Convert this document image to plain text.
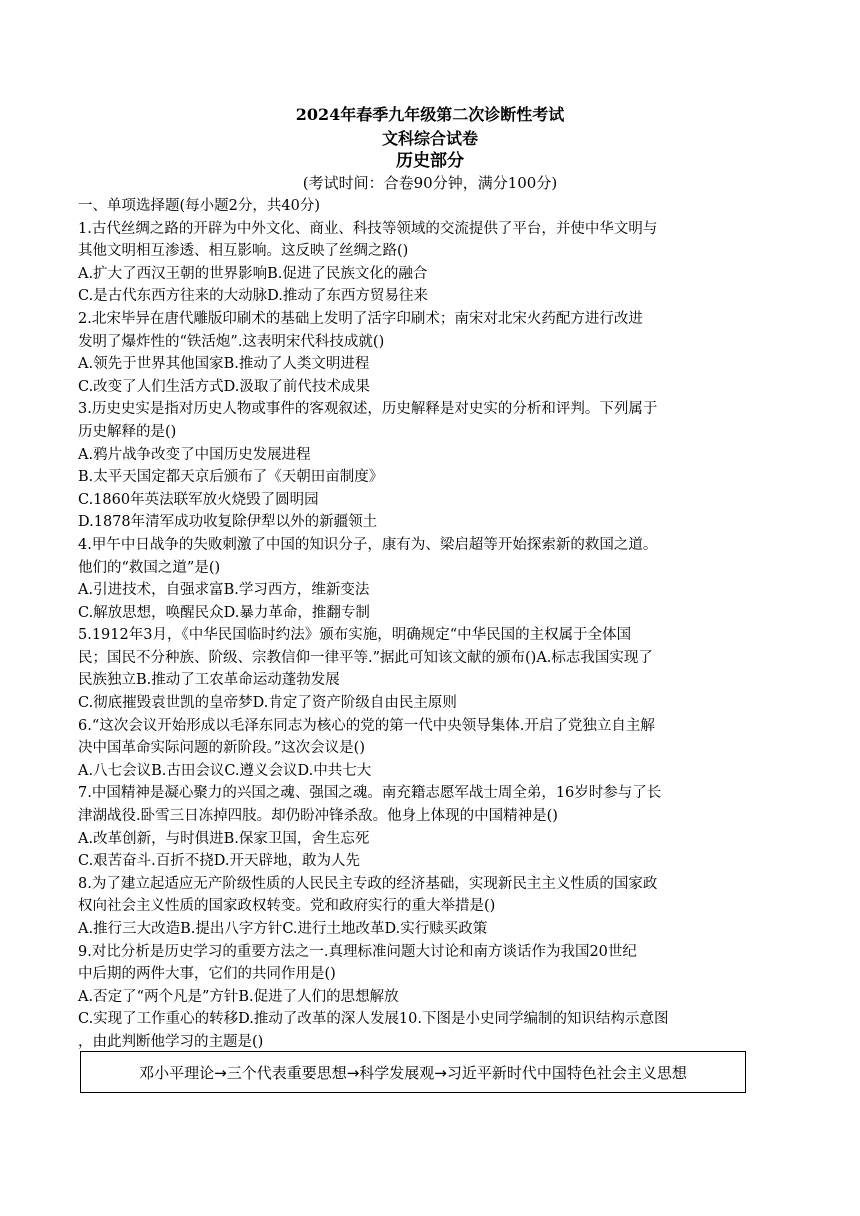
2024年春季九年级第二次诊断性考试
文科综合试卷
历史部分
(考试时间：合卷90分钟，满分100分)
一、单项选择题(每小题2分，共40分)
1.古代丝绸之路的开辟为中外文化、商业、科技等领域的交流提供了平台，并使中华文明与
其他文明相互渗透、相互影响。这反映了丝绸之路()
A.扩大了西汉王朝的世界影响B.促进了民族文化的融合
C.是古代东西方往来的大动脉D.推动了东西方贸易往来
2.北宋毕异在唐代雕版印刷术的基础上发明了活字印刷术；南宋对北宋火药配方进行改进
发明了爆炸性的“铁活炮”.这表明宋代科技成就()
A.领先于世界其他国家B.推动了人类文明进程
C.改变了人们生活方式D.汲取了前代技术成果
3.历史史实是指对历史人物或事件的客观叙述，历史解释是对史实的分析和评判。下列属于
历史解释的是()
A.鸦片战争改变了中国历史发展进程
B.太平天国定都天京后颁布了《天朝田亩制度》
C.1860年英法联军放火烧毁了圆明园
D.1878年清军成功收复除伊犁以外的新疆领土
4.甲午中日战争的失败刺激了中国的知识分子，康有为、梁启超等开始探索新的救国之道。
他们的“救国之道”是()
A.引进技术，自强求富B.学习西方，维新变法
C.解放思想，唤醒民众D.暴力革命，推翻专制
5.1912年3月，《中华民国临时约法》颁布实施，明确规定“中华民国的主权属于全体国
民；国民不分种族、阶级、宗教信仰一律平等.”据此可知该文献的颁布()A.标志我国实现了
民族独立B.推动了工农革命运动蓬勃发展
C.彻底摧毁袁世凯的皇帝梦D.肯定了资产阶级自由民主原则
6.“这次会议开始形成以毛泽东同志为核心的党的第一代中央领导集体.开启了党独立自主解
决中国革命实际问题的新阶段。”这次会议是()
A.八七会议B.古田会议C.遵义会议D.中共七大
7.中国精神是凝心聚力的兴国之魂、强国之魂。南充籍志愿军战士周全弟，16岁时参与了长
津湖战役.卧雪三日冻掉四肢。却仍盼冲锋杀敌。他身上体现的中国精神是()
A.改革创新，与时俱进B.保家卫国，舍生忘死
C.艰苦奋斗.百折不挠D.开天辟地，敢为人先
8.为了建立起适应无产阶级性质的人民民主专政的经济基础，实现新民主主义性质的国家政
权向社会主义性质的国家政权转变。党和政府实行的重大举措是()
A.推行三大改造B.提出八字方针C.进行土地改革D.实行赎买政策
9.对比分析是历史学习的重要方法之一.真理标准问题大讨论和南方谈话作为我国20世纪
中后期的两件大事，它们的共同作用是()
A.否定了“两个凡是”方针B.促进了人们的思想解放
C.实现了工作重心的转移D.推动了改革的深人发展10.下图是小史同学编制的知识结构示意图
，由此判断他学习的主题是()
邓小平理论→三个代表重要思想→科学发展观→习近平新时代中国特色社会主义思想
